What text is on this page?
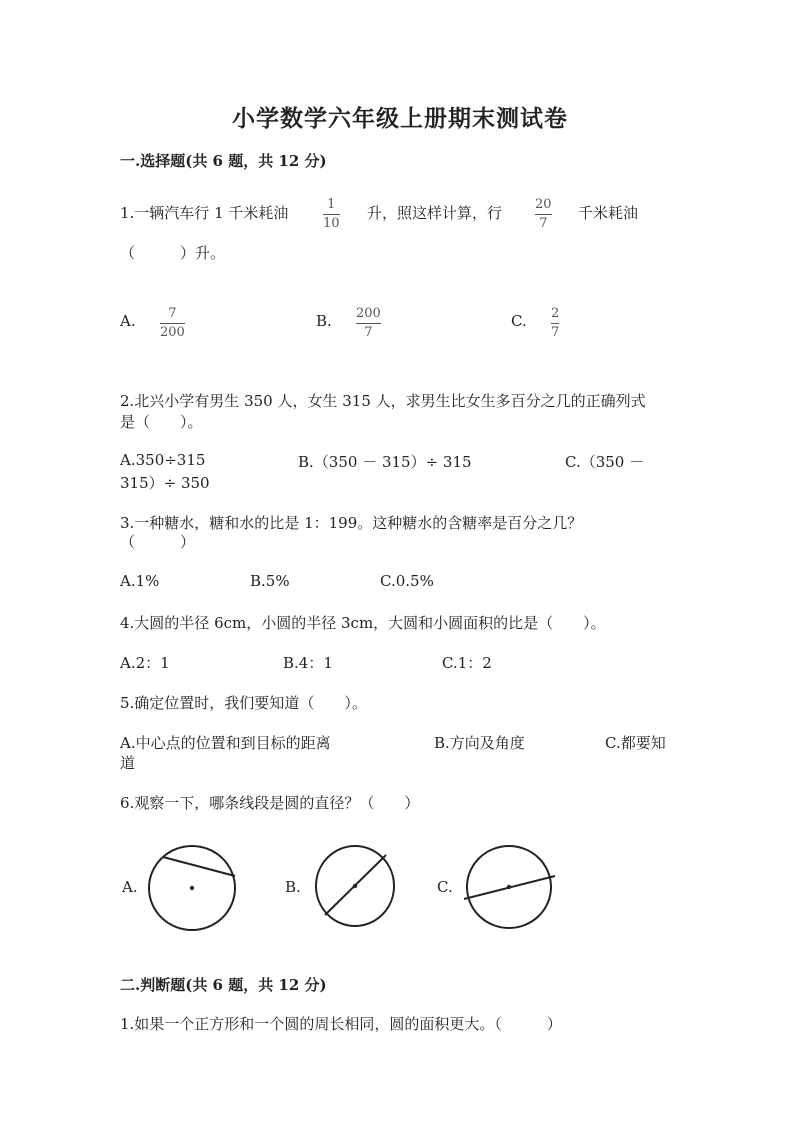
小学数学六年级上册期末测试卷
一.选择题(共 6 题，共 12 分)
1.一辆汽车行 1 千米耗油	1
10
升，照这样计算，行	20
7
千米耗油
（　　　）升。
A.	7
200
B. 200
7
C. 2
7
2.北兴小学有男生 350 人，女生 315 人，求男生比女生多百分之几的正确列式
是（　　）。
A.350÷315	B.（350 － 315）÷ 315	C.（350 －
315）÷ 350
3.一种糖水，糖和水的比是 1：199。这种糖水的含糖率是百分之几？
（　　　）
A.1%	B.5%	C.0.5%
4.大圆的半径 6cm，小圆的半径 3cm，大圆和小圆面积的比是（　　）。
A.2：1	B.4：1	C.1：2
5.确定位置时，我们要知道（　　）。
A.中心点的位置和到目标的距离	B.方向及角度	C.都要知
道
6.观察一下，哪条线段是圆的直径？（　　）
A.	B.	C.
二.判断题(共 6 题，共 12 分)
1.如果一个正方形和一个圆的周长相同，圆的面积更大。（　　　）
